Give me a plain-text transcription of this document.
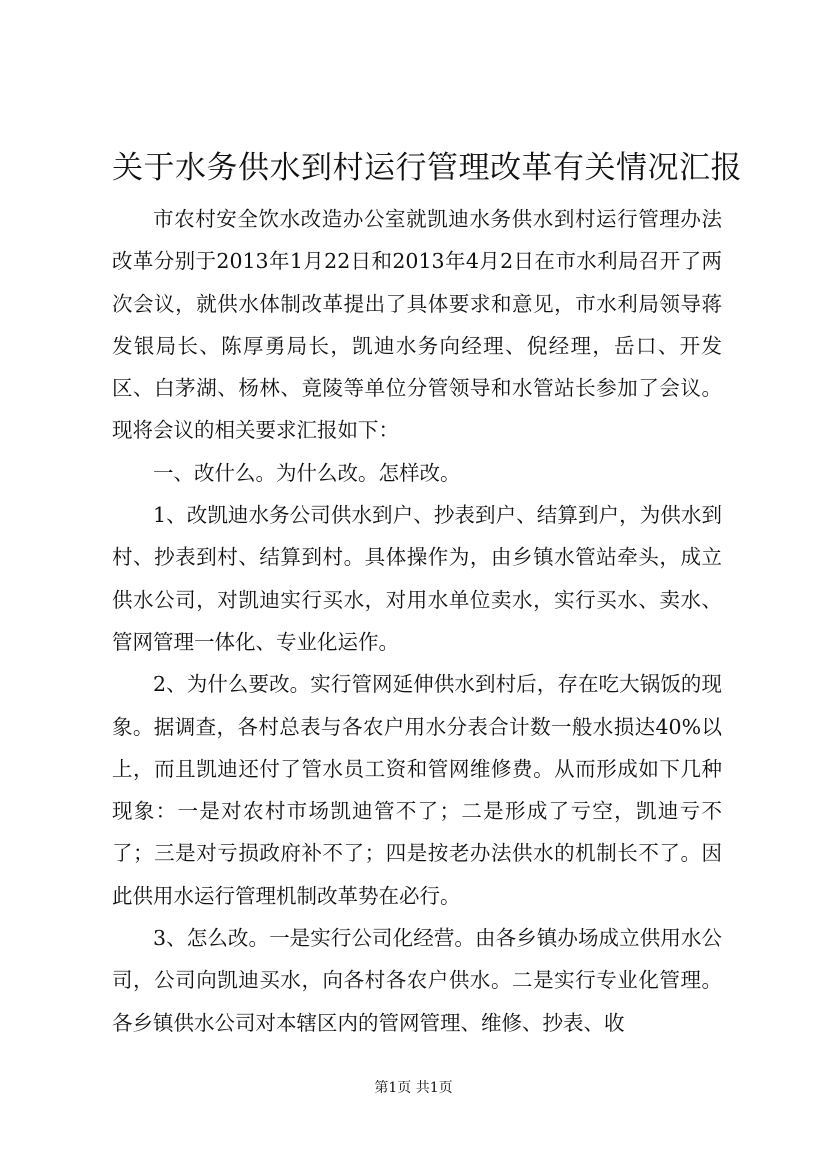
关于水务供水到村运行管理改革有关情况汇报

市农村安全饮水改造办公室就凯迪水务供水到村运行管理办法改革分别于2013年1月22日和2013年4月2日在市水利局召开了两次会议，就供水体制改革提出了具体要求和意见，市水利局领导蒋发银局长、陈厚勇局长，凯迪水务向经理、倪经理，岳口、开发区、白茅湖、杨林、竟陵等单位分管领导和水管站长参加了会议。现将会议的相关要求汇报如下：

一、改什么。为什么改。怎样改。

1、改凯迪水务公司供水到户、抄表到户、结算到户，为供水到村、抄表到村、结算到村。具体操作为，由乡镇水管站牵头，成立供水公司，对凯迪实行买水，对用水单位卖水，实行买水、卖水、管网管理一体化、专业化运作。

2、为什么要改。实行管网延伸供水到村后，存在吃大锅饭的现象。据调查，各村总表与各农户用水分表合计数一般水损达40%以上，而且凯迪还付了管水员工资和管网维修费。从而形成如下几种现象：一是对农村市场凯迪管不了；二是形成了亏空，凯迪亏不了；三是对亏损政府补不了；四是按老办法供水的机制长不了。因此供用水运行管理机制改革势在必行。

3、怎么改。一是实行公司化经营。由各乡镇办场成立供用水公司，公司向凯迪买水，向各村各农户供水。二是实行专业化管理。各乡镇供水公司对本辖区内的管网管理、维修、抄表、收

第1页 共1页
